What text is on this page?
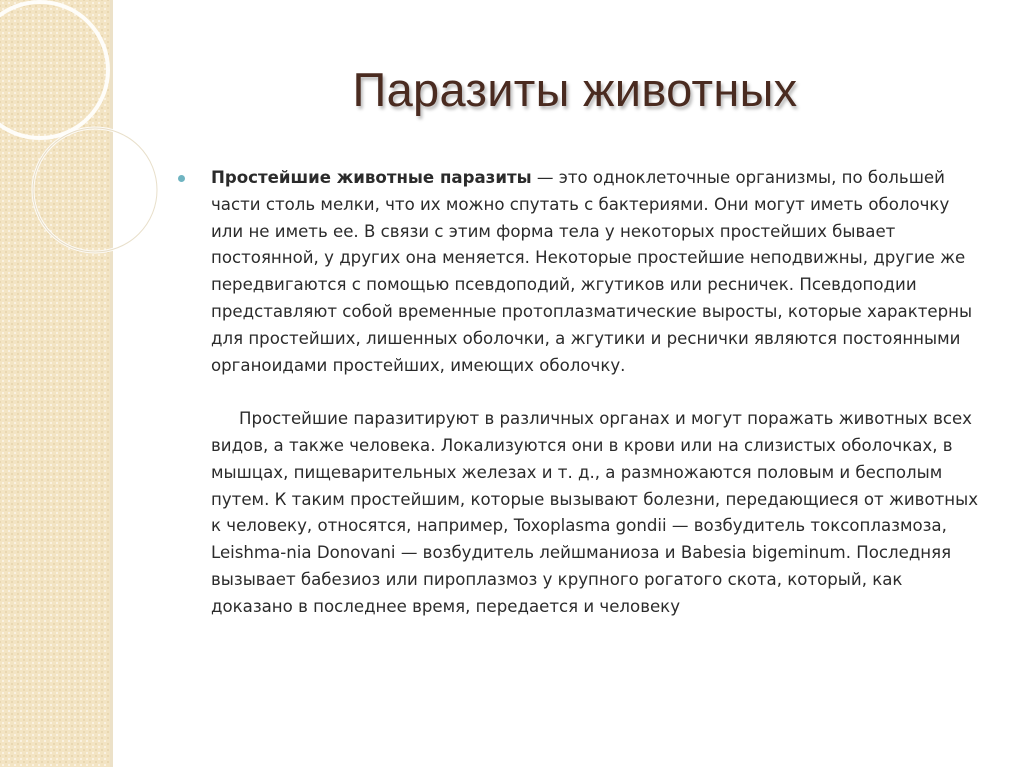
Паразиты животных

Простейшие животные паразиты — это одноклеточные организмы, по большей части столь мелки, что их можно спутать с бактериями. Они могут иметь оболочку или не иметь ее. В связи с этим форма тела у некоторых простейших бывает постоянной, у других она меняется. Некоторые простейшие неподвижны, другие же передвигаются с помощью псевдоподий, жгутиков или ресничек. Псевдоподии представляют собой временные протоплазматические выросты, которые характерны для простейших, лишенных оболочки, а жгутики и реснички являются постоянными органоидами простейших, имеющих оболочку.

Простейшие паразитируют в различных органах и могут поражать животных всех видов, а также человека. Локализуются они в крови или на слизистых оболочках, в мышцах, пищеварительных железах и т. д., а размножаются половым и бесполым путем. К таким простейшим, которые вызывают болезни, передающиеся от животных к человеку, относятся, например, Toxoplasma gondii — возбудитель токсоплазмоза, Leishma-nia Donovani — возбудитель лейшманиоза и Babesia bigeminum. Последняя вызывает бабезиоз или пироплазмоз у крупного рогатого скота, который, как доказано в последнее время, передается и человеку
